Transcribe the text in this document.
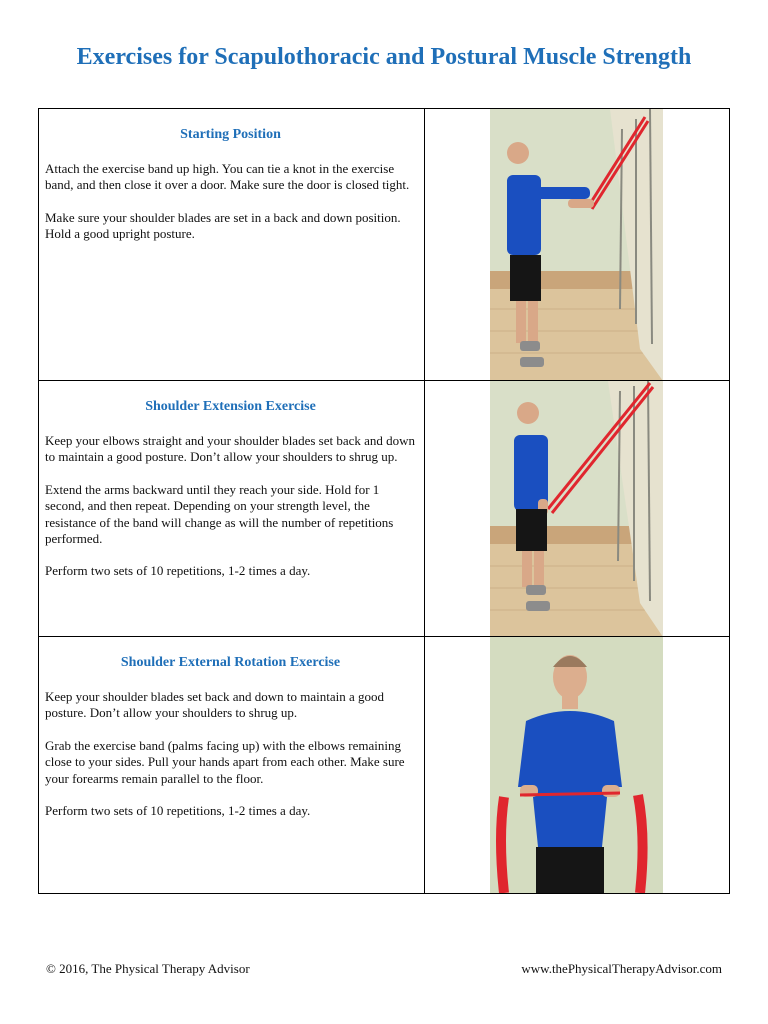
Exercises for Scapulothoracic and Postural Muscle Strength
Starting Position

Attach the exercise band up high. You can tie a knot in the exercise band, and then close it over a door. Make sure the door is closed tight.

Make sure your shoulder blades are set in a back and down position. Hold a good upright posture.

Shoulder Extension Exercise

Keep your elbows straight and your shoulder blades set back and down to maintain a good posture. Don’t allow your shoulders to shrug up.

Extend the arms backward until they reach your side. Hold for 1 second, and then repeat. Depending on your strength level, the resistance of the band will change as will the number of repetitions performed.

Perform two sets of 10 repetitions, 1-2 times a day.

Shoulder External Rotation Exercise

Keep your shoulder blades set back and down to maintain a good posture. Don’t allow your shoulders to shrug up.

Grab the exercise band (palms facing up) with the elbows remaining close to your sides. Pull your hands apart from each other. Make sure your forearms remain parallel to the floor.

Perform two sets of 10 repetitions, 1-2 times a day.

© 2016, The Physical Therapy Advisor	www.thePhysicalTherapyAdvisor.com
